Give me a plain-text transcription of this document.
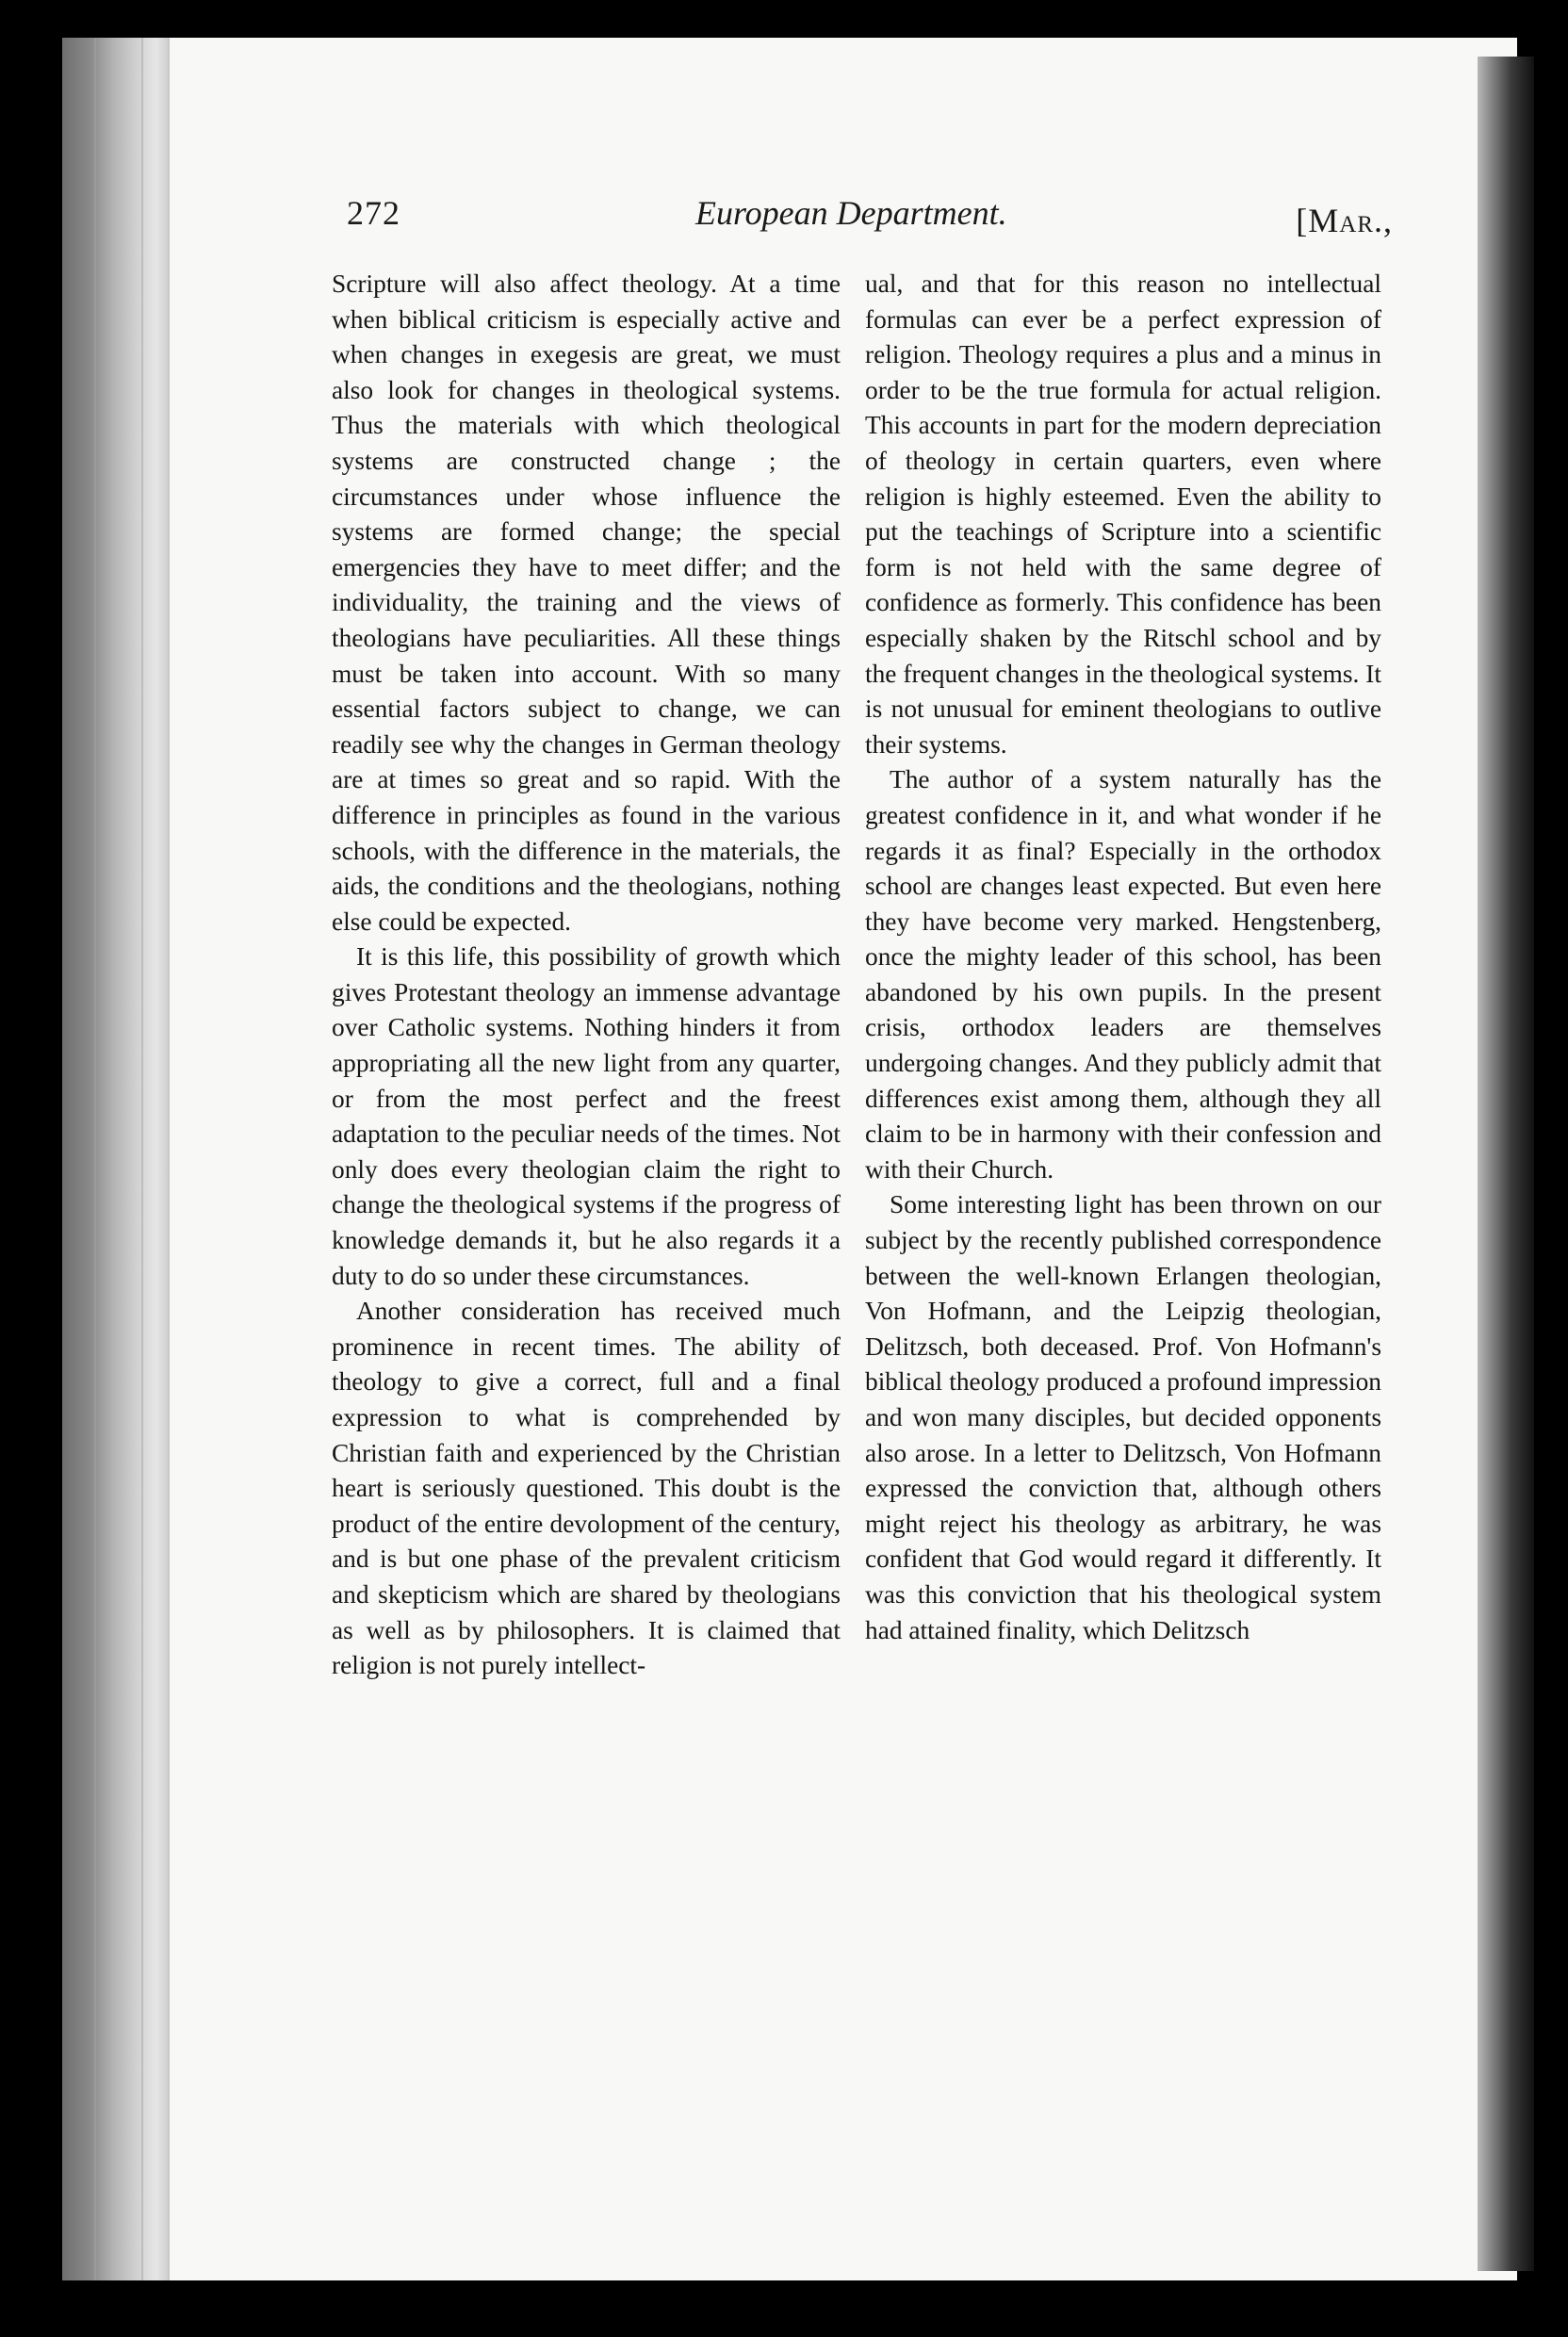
272	European Department.	[Mar.,

Scripture will also affect theology. At a time when biblical criticism is especially active and when changes in exegesis are great, we must also look for changes in theological systems. Thus the materials with which theological systems are constructed change ; the circumstances under whose influence the systems are formed change; the special emergencies they have to meet differ; and the individuality, the training and the views of theologians have peculiarities. All these things must be taken into account. With so many essential factors subject to change, we can readily see why the changes in German theology are at times so great and so rapid. With the difference in principles as found in the various schools, with the difference in the materials, the aids, the conditions and the theologians, nothing else could be expected.

It is this life, this possibility of growth which gives Protestant theology an immense advantage over Catholic systems. Nothing hinders it from appropriating all the new light from any quarter, or from the most perfect and the freest adaptation to the peculiar needs of the times. Not only does every theologian claim the right to change the theological systems if the progress of knowledge demands it, but he also regards it a duty to do so under these circumstances.

Another consideration has received much prominence in recent times. The ability of theology to give a correct, full and a final expression to what is comprehended by Christian faith and experienced by the Christian heart is seriously questioned. This doubt is the product of the entire devolopment of the century, and is but one phase of the prevalent criticism and skepticism which are shared by theologians as well as by philosophers. It is claimed that religion is not purely intellect-

ual, and that for this reason no intellectual formulas can ever be a perfect expression of religion. Theology requires a plus and a minus in order to be the true formula for actual religion. This accounts in part for the modern depreciation of theology in certain quarters, even where religion is highly esteemed. Even the ability to put the teachings of Scripture into a scientific form is not held with the same degree of confidence as formerly. This confidence has been especially shaken by the Ritschl school and by the frequent changes in the theological systems. It is not unusual for eminent theologians to outlive their systems.

The author of a system naturally has the greatest confidence in it, and what wonder if he regards it as final? Especially in the orthodox school are changes least expected. But even here they have become very marked. Hengstenberg, once the mighty leader of this school, has been abandoned by his own pupils. In the present crisis, orthodox leaders are themselves undergoing changes. And they publicly admit that differences exist among them, although they all claim to be in harmony with their confession and with their Church.

Some interesting light has been thrown on our subject by the recently published correspondence between the well-known Erlangen theologian, Von Hofmann, and the Leipzig theologian, Delitzsch, both deceased. Prof. Von Hofmann's biblical theology produced a profound impression and won many disciples, but decided opponents also arose. In a letter to Delitzsch, Von Hofmann expressed the conviction that, although others might reject his theology as arbitrary, he was confident that God would regard it differently. It was this conviction that his theological system had attained finality, which Delitzsch
